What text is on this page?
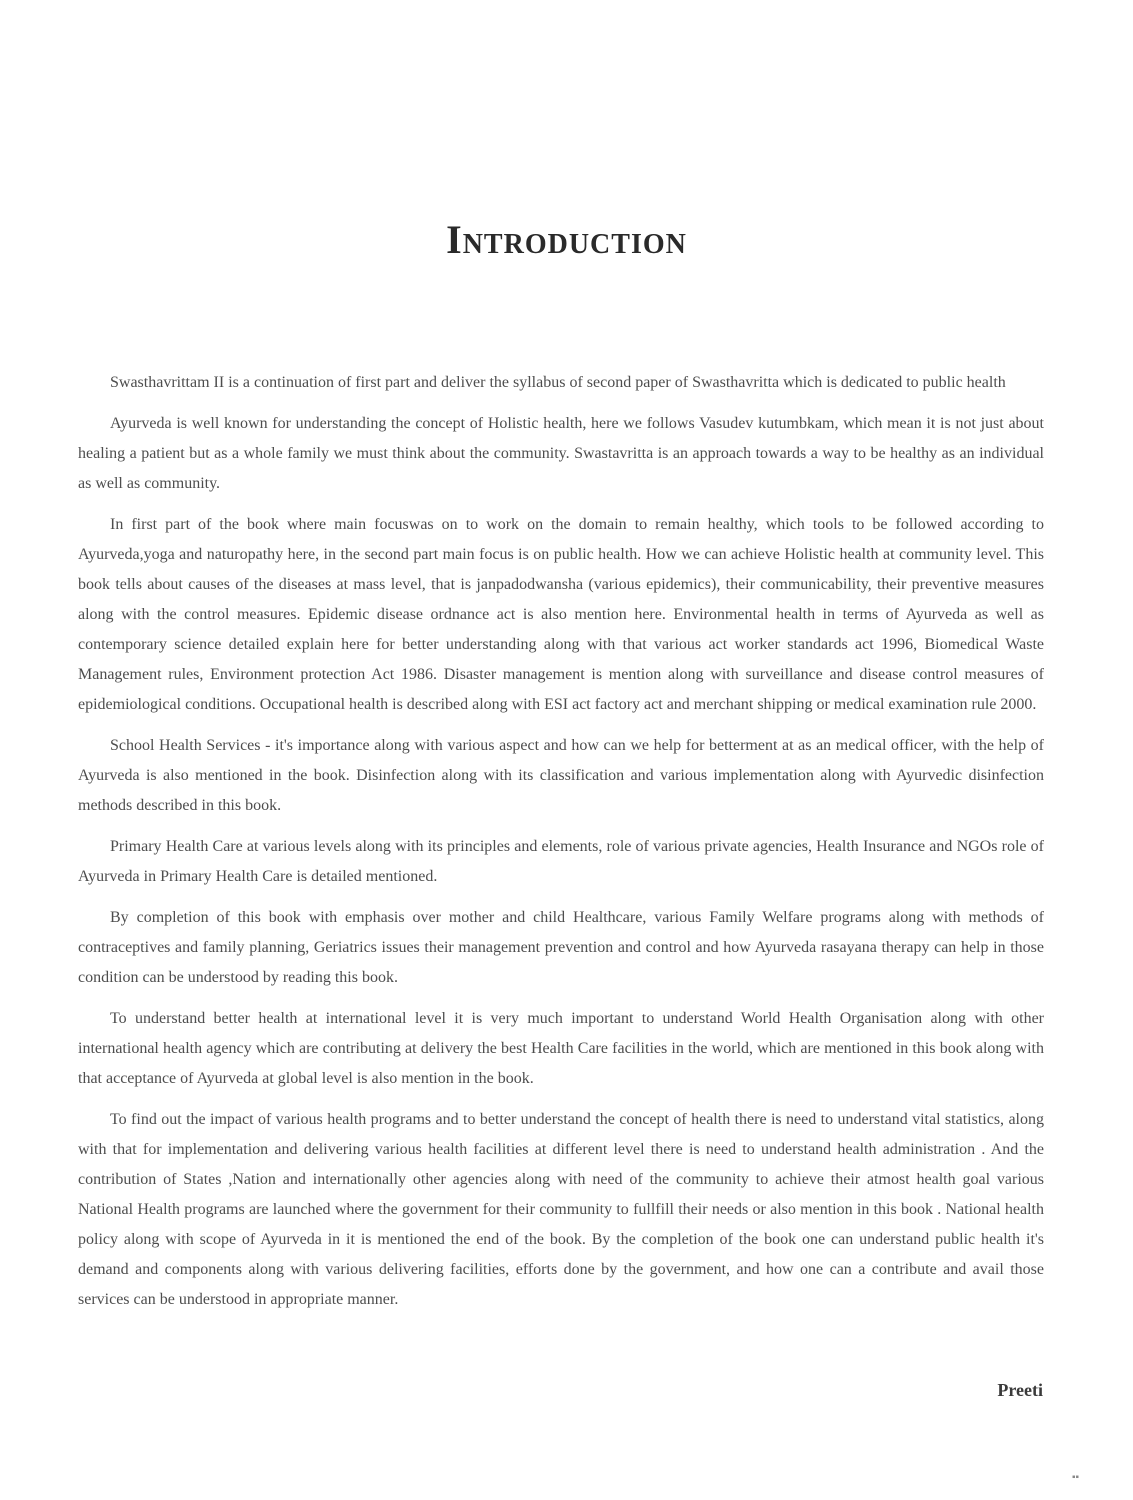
Introduction

Swasthavrittam II is a continuation of first part and deliver the syllabus of second paper of Swasthavritta which is dedicated to public health

Ayurveda is well known for understanding the concept of Holistic health, here we follows Vasudev kutumbkam, which mean it is not just about healing a patient but as a whole family we must think about the community. Swastavritta is an approach towards a way to be healthy as an individual as well as community.

In first part of the book where main focuswas on to work on the domain to remain healthy, which tools to be followed according to Ayurveda,yoga and naturopathy here, in the second part main focus is on public health. How we can achieve Holistic health at community level. This book tells about causes of the diseases at mass level, that is janpadodwansha (various epidemics), their communicability, their preventive measures along with the control measures. Epidemic disease ordnance act is also mention here. Environmental health in terms of Ayurveda as well as contemporary science detailed explain here for better understanding along with that various act worker standards act 1996, Biomedical Waste Management rules, Environment protection Act 1986. Disaster management is mention along with surveillance and disease control measures of epidemiological conditions. Occupational health is described along with ESI act factory act and merchant shipping or medical examination rule 2000.

School Health Services - it's importance along with various aspect and how can we help for betterment at as an medical officer, with the help of Ayurveda is also mentioned in the book. Disinfection along with its classification and various implementation along with Ayurvedic disinfection methods described in this book.

Primary Health Care at various levels along with its principles and elements, role of various private agencies, Health Insurance and NGOs role of Ayurveda in Primary Health Care is detailed mentioned.

By completion of this book with emphasis over mother and child Healthcare, various Family Welfare programs along with methods of contraceptives and family planning, Geriatrics issues their management prevention and control and how Ayurveda rasayana therapy can help in those condition can be understood by reading this book.

To understand better health at international level it is very much important to understand World Health Organisation along with other international health agency which are contributing at delivery the best Health Care facilities in the world, which are mentioned in this book along with that acceptance of Ayurveda at global level is also mention in the book.

To find out the impact of various health programs and to better understand the concept of health there is need to understand vital statistics, along with that for implementation and delivering various health facilities at different level there is need to understand health administration . And the contribution of States ,Nation and internationally other agencies along with need of the community to achieve their atmost health goal various National Health programs are launched where the government for their community to fullfill their needs or also mention in this book . National health policy along with scope of Ayurveda in it is mentioned the end of the book. By the completion of the book one can understand public health it's demand and components along with various delivering facilities, efforts done by the government, and how one can a contribute and avail those services can be understood in appropriate manner.

Preeti

▪▪
